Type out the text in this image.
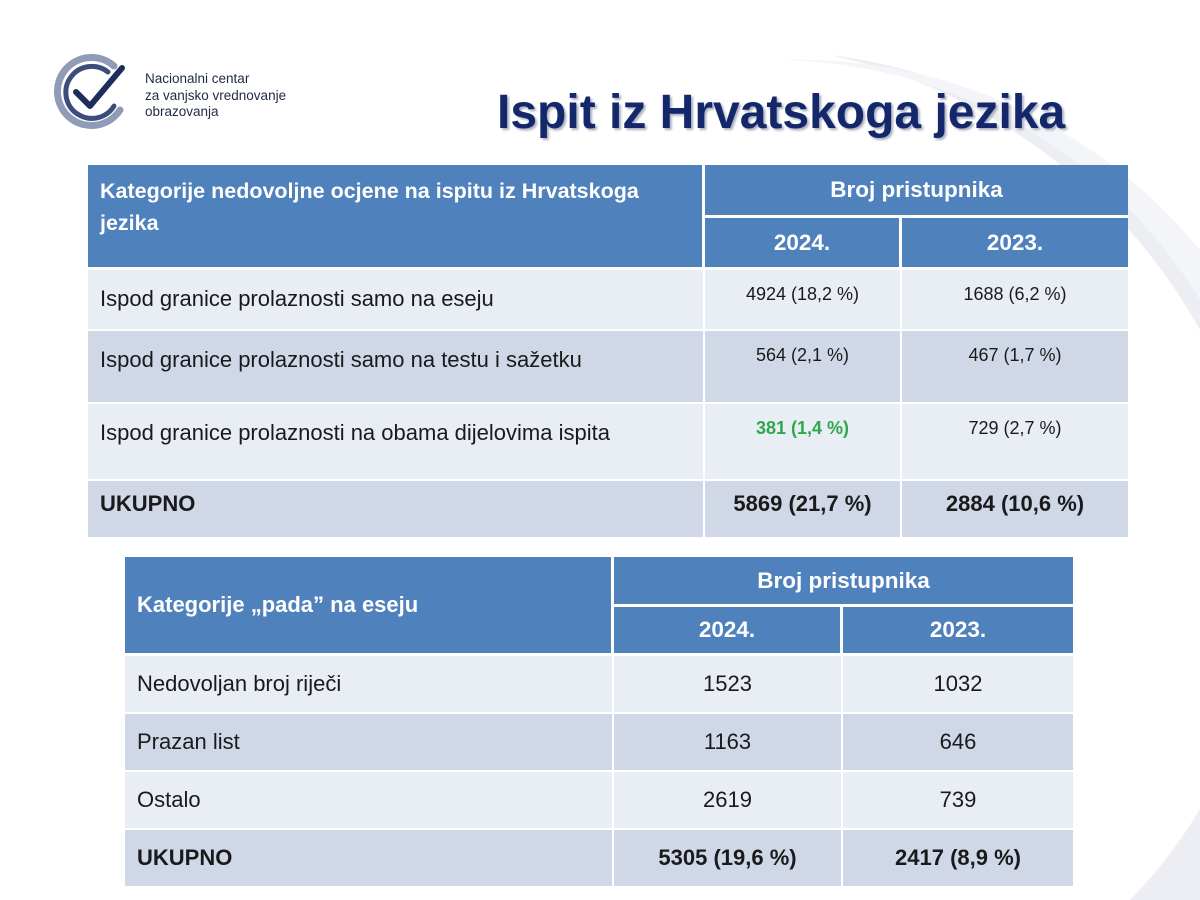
Nacionalni centar
za vanjsko vrednovanje
obrazovanja	Ispit iz Hrvatskoga jezika
Kategorije nedovoljne ocjene na ispitu iz Hrvatskoga jezika	Broj pristupnika	
	2024.	2023.
Ispod granice prolaznosti samo na eseju	4924 (18,2 %)	1688 (6,2 %)
Ispod granice prolaznosti samo na testu i sažetku	564 (2,1 %)	467 (1,7 %)
Ispod granice prolaznosti na obama dijelovima ispita	381 (1,4 %)	729 (2,7 %)
UKUPNO	5869 (21,7 %)	2884 (10,6 %)
Kategorije „pada” na eseju	Broj pristupnika	
	2024.	2023.
Nedovoljan broj riječi	1523	1032
Prazan list	1163	646
Ostalo	2619	739
UKUPNO	5305 (19,6 %)	2417 (8,9 %)
